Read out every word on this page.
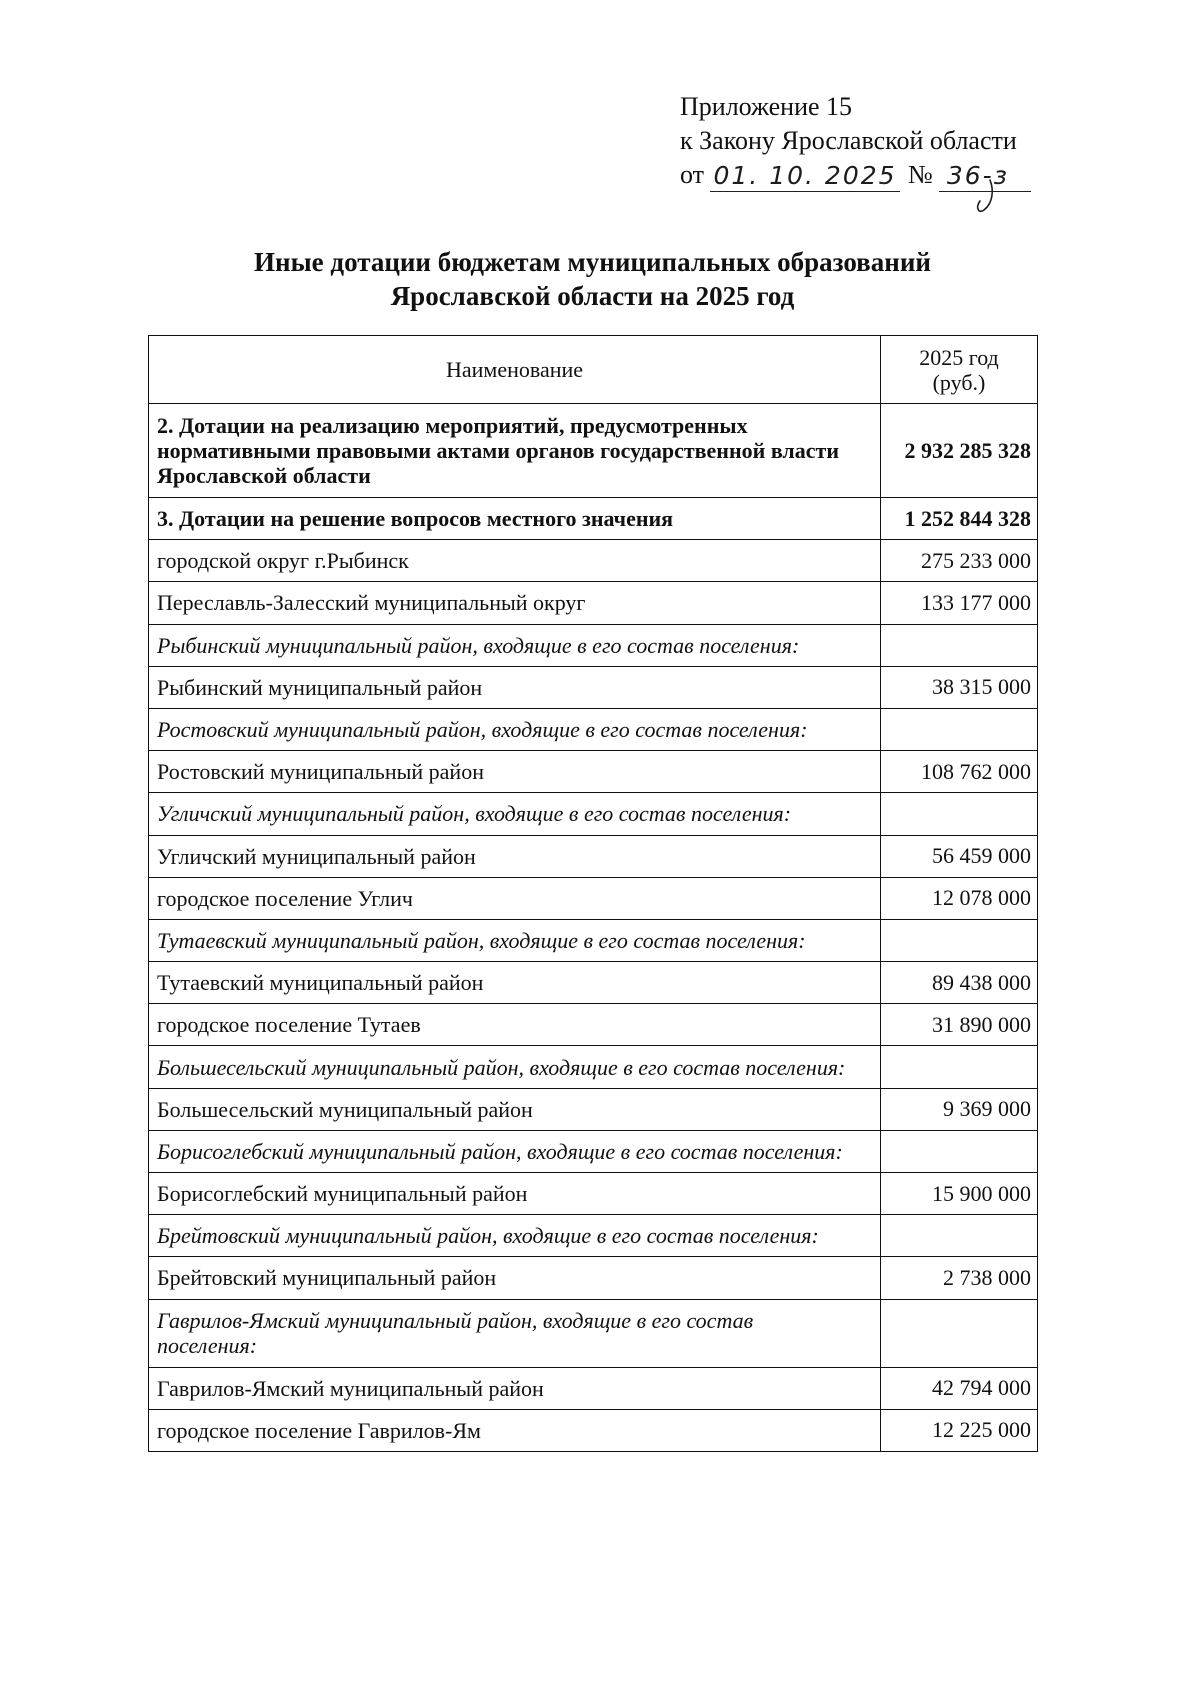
Приложение 15
к Закону Ярославской области
от 01. 10. 2025 № 36-з
Иные дотации бюджетам муниципальных образований
Ярославской области на 2025 год
Наименование	2025 год
(руб.)

2. Дотации на реализацию мероприятий, предусмотренных
нормативными правовыми актами органов государственной власти
Ярославской области	2 932 285 328

3. Дотации на решение вопросов местного значения	1 252 844 328

городской округ г.Рыбинск	275 233 000

Переславль-Залесский муниципальный округ	133 177 000

Рыбинский муниципальный район, входящие в его состав поселения:	

Рыбинский муниципальный район	38 315 000

Ростовский муниципальный район, входящие в его состав поселения:	

Ростовский муниципальный район	108 762 000

Угличский муниципальный район, входящие в его состав поселения:	

Угличский муниципальный район	56 459 000

городское поселение Углич	12 078 000

Тутаевский муниципальный район, входящие в его состав поселения:	

Тутаевский муниципальный район	89 438 000

городское поселение Тутаев	31 890 000

Большесельский муниципальный район, входящие в его состав поселения:	

Большесельский муниципальный район	9 369 000

Борисоглебский муниципальный район, входящие в его состав поселения:	

Борисоглебский муниципальный район	15 900 000

Брейтовский муниципальный район, входящие в его состав поселения:	

Брейтовский муниципальный район	2 738 000

Гаврилов-Ямский муниципальный район, входящие в его состав
поселения:	

Гаврилов-Ямский муниципальный район	42 794 000

городское поселение Гаврилов-Ям	12 225 000
